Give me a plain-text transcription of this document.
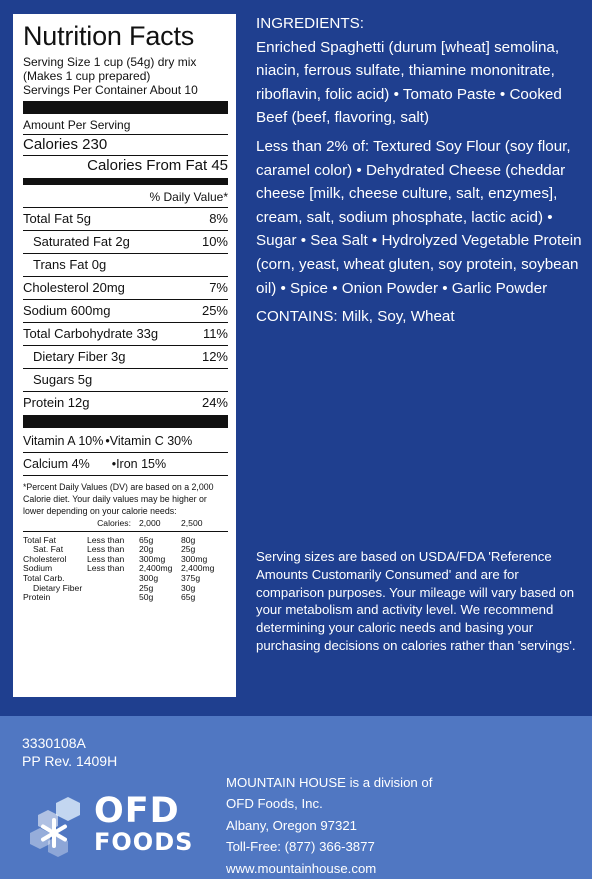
Nutrition Facts
Serving Size 1 cup (54g) dry mix
(Makes 1 cup prepared)
Servings Per Container About 10
Amount Per Serving
Calories 230
Calories From Fat 45
% Daily Value*
Total Fat 5g	8%
Saturated Fat 2g	10%
Trans Fat 0g
Cholesterol 20mg	7%
Sodium 600mg	25%
Total Carbohydrate 33g	11%
Dietary Fiber 3g	12%
Sugars 5g
Protein 12g	24%
Vitamin A 10% •Vitamin C 30%
Calcium 4% •Iron 15%
*Percent Daily Values (DV) are based on a 2,000 Calorie diet. Your daily values may be higher or lower depending on your calorie needs:
	Calories:	2,000	2,500
Total Fat	Less than	65g	80g
Sat. Fat	Less than	20g	25g
Cholesterol	Less than	300mg	300mg
Sodium	Less than	2,400mg	2,400mg
Total Carb.		300g	375g
Dietary Fiber		25g	30g
Protein		50g	65g

INGREDIENTS:

Enriched Spaghetti (durum [wheat] semolina, niacin, ferrous sulfate, thiamine mononitrate, riboflavin, folic acid) • Tomato Paste • Cooked Beef (beef, flavoring, salt)

Less than 2% of: Textured Soy Flour (soy flour, caramel color) • Dehydrated Cheese (cheddar cheese [milk, cheese culture, salt, enzymes], cream, salt, sodium phosphate, lactic acid) • Sugar • Sea Salt • Hydrolyzed Vegetable Protein (corn, yeast, wheat gluten, soy protein, soybean oil) • Spice • Onion Powder • Garlic Powder

CONTAINS: Milk, Soy, Wheat

Serving sizes are based on USDA/FDA 'Reference Amounts Customarily Consumed' and are for comparison purposes. Your mileage will vary based on your metabolism and activity level. We recommend determining your caloric needs and basing your purchasing decisions on calories rather than 'servings'.
3330108A
PP Rev. 1409H
OFD
FOODS
MOUNTAIN HOUSE is a division of
OFD Foods, Inc.
Albany, Oregon 97321
Toll-Free: (877) 366-3877
www.mountainhouse.com
